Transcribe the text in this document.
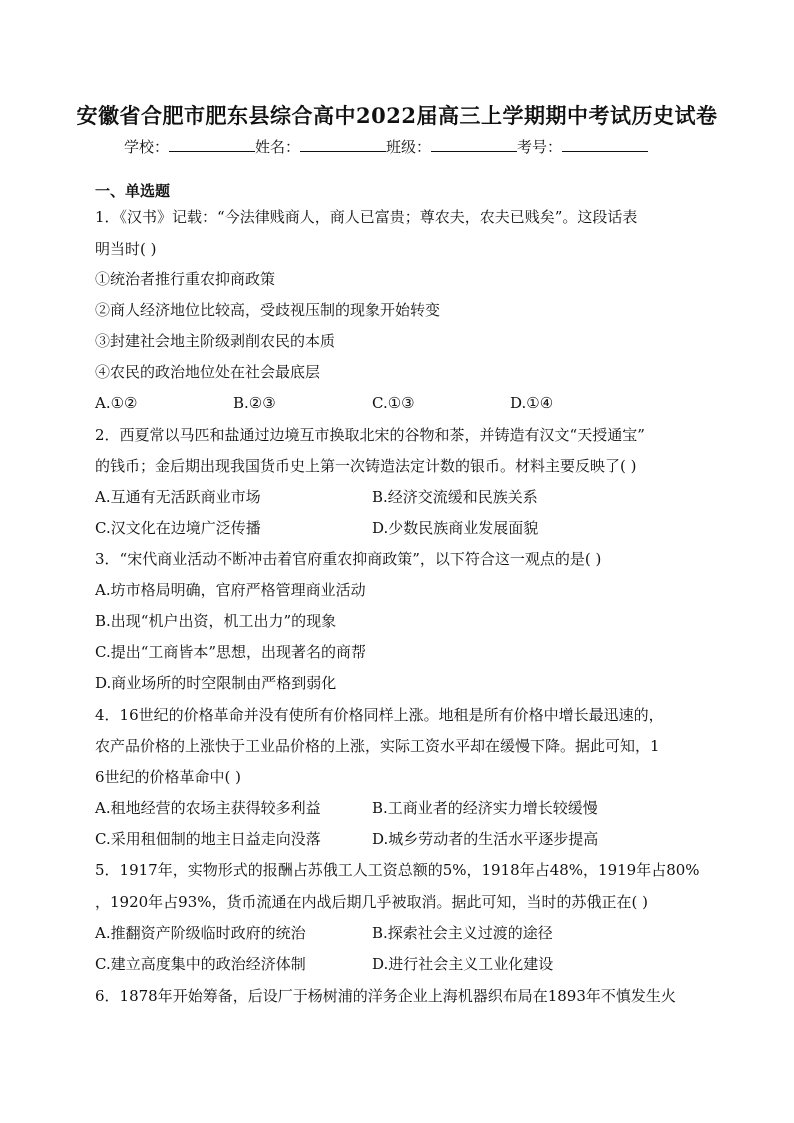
安徽省合肥市肥东县综合高中2022届高三上学期期中考试历史试卷
学校：	姓名：	班级：	考号：
一、单选题
1．《汉书》记载：“今法律贱商人，商人已富贵；尊农夫，农夫已贱矣”。这段话表
明当时( )
①统治者推行重农抑商政策
②商人经济地位比较高，受歧视压制的现象开始转变
③封建社会地主阶级剥削农民的本质
④农民的政治地位处在社会最底层
A.①②	B.②③	C.①③	D.①④
2．西夏常以马匹和盐通过边境互市换取北宋的谷物和茶，并铸造有汉文“天授通宝”
的钱币；金后期出现我国货币史上第一次铸造法定计数的银币。材料主要反映了( )
A.互通有无活跃商业市场	B.经济交流缓和民族关系
C.汉文化在边境广泛传播	D.少数民族商业发展面貌
3．“宋代商业活动不断冲击着官府重农抑商政策”，以下符合这一观点的是( )
A.坊市格局明确，官府严格管理商业活动
B.出现“机户出资，机工出力”的现象
C.提出“工商皆本”思想，出现著名的商帮
D.商业场所的时空限制由严格到弱化
4．16世纪的价格革命并没有使所有价格同样上涨。地租是所有价格中增长最迅速的，
农产品价格的上涨快于工业品价格的上涨，实际工资水平却在缓慢下降。据此可知，1
6世纪的价格革命中( )
A.租地经营的农场主获得较多利益	B.工商业者的经济实力增长较缓慢
C.采用租佃制的地主日益走向没落	D.城乡劳动者的生活水平逐步提高
5．1917年，实物形式的报酬占苏俄工人工资总额的5%，1918年占48%，1919年占80%
，1920年占93%，货币流通在内战后期几乎被取消。据此可知，当时的苏俄正在( )
A.推翻资产阶级临时政府的统治	B.探索社会主义过渡的途径
C.建立高度集中的政治经济体制	D.进行社会主义工业化建设
6．1878年开始筹备，后设厂于杨树浦的洋务企业上海机器织布局在1893年不慎发生火
